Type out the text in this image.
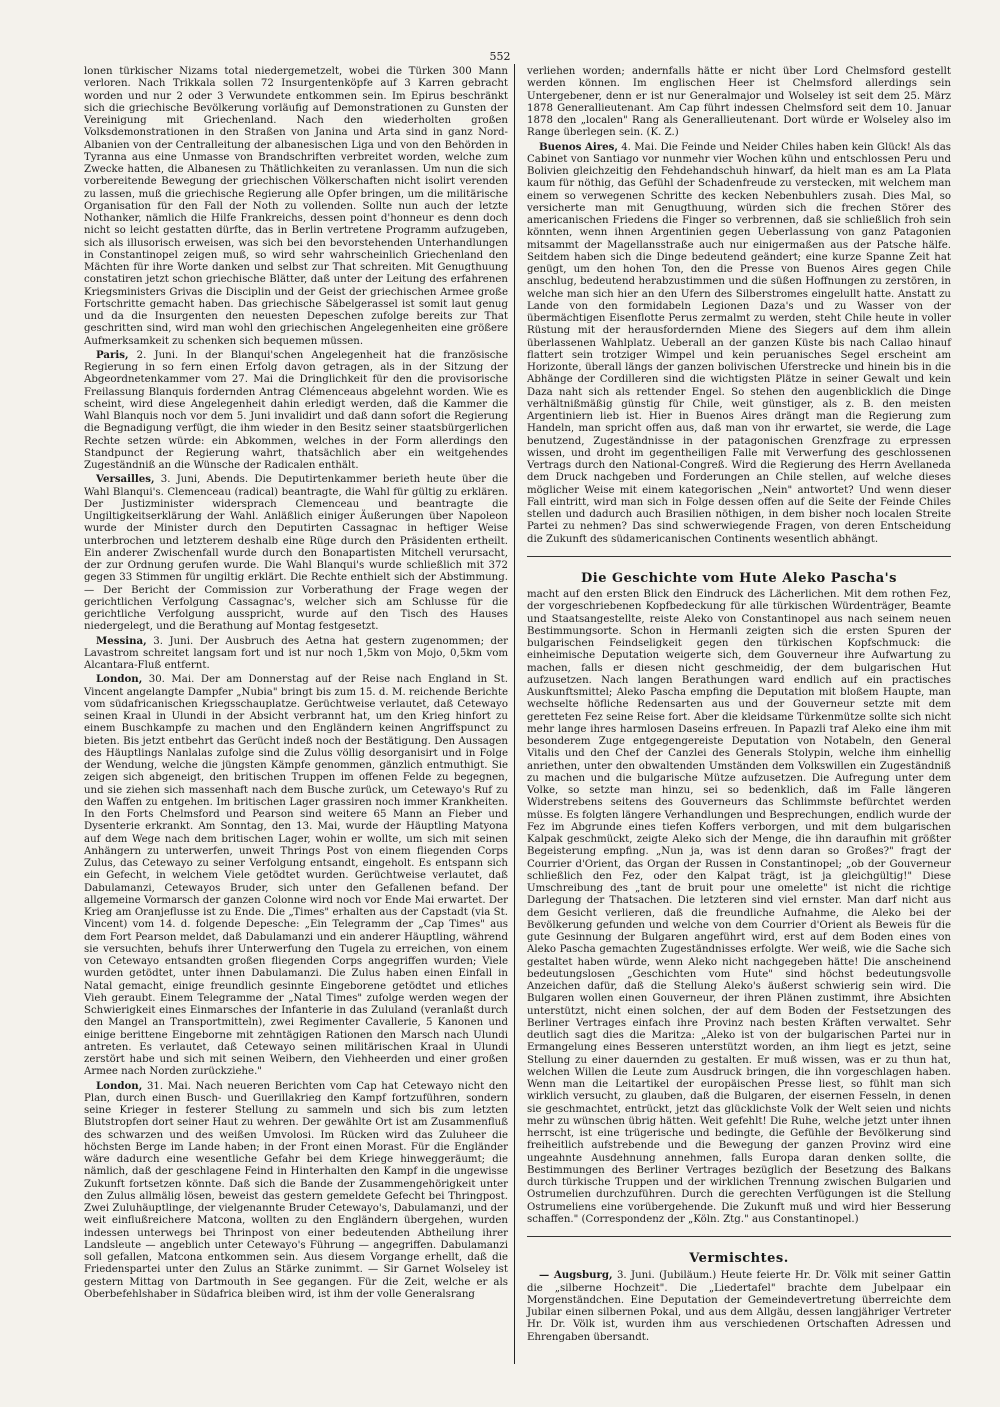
552

lonen türkischer Nizams total niedergemetzelt, wobei die Türken 300 Mann verloren. Nach Trikkala sollen 72 Insurgentenköpfe auf 3 Karren gebracht worden und nur 2 oder 3 Verwundete entkommen sein. Im Epirus beschränkt sich die griechische Bevölkerung vorläufig auf Demonstrationen zu Gunsten der Vereinigung mit Griechenland. Nach den wiederholten großen Volksdemonstrationen in den Straßen von Janina und Arta sind in ganz Nord-Albanien von der Centralleitung der albanesischen Liga und von den Behörden in Tyranna aus eine Unmasse von Brandschriften verbreitet worden, welche zum Zwecke hatten, die Albanesen zu Thätlichkeiten zu veranlassen. Um nun die sich vorbereitende Bewegung der griechischen Völkerschaften nicht isolirt verenden zu lassen, muß die griechische Regierung alle Opfer bringen, um die militärische Organisation für den Fall der Noth zu vollenden. Sollte nun auch der letzte Nothanker, nämlich die Hilfe Frankreichs, dessen point d'honneur es denn doch nicht so leicht gestatten dürfte, das in Berlin vertretene Programm aufzugeben, sich als illusorisch erweisen, was sich bei den bevorstehenden Unterhandlungen in Constantinopel zeigen muß, so wird sehr wahrscheinlich Griechenland den Mächten für ihre Worte danken und selbst zur That schreiten. Mit Genugthuung constatiren jetzt schon griechische Blätter, daß unter der Leitung des erfahrenen Kriegsministers Grivas die Disciplin und der Geist der griechischen Armee große Fortschritte gemacht haben. Das griechische Säbelgerassel ist somit laut genug und da die Insurgenten den neuesten Depeschen zufolge bereits zur That geschritten sind, wird man wohl den griechischen Angelegenheiten eine größere Aufmerksamkeit zu schenken sich bequemen müssen.

Paris, 2. Juni. In der Blanqui'schen Angelegenheit hat die französische Regierung in so fern einen Erfolg davon getragen, als in der Sitzung der Abgeordnetenkammer vom 27. Mai die Dringlichkeit für den die provisorische Freilassung Blanquis fordernden Antrag Clémenceaus abgelehnt worden. Wie es scheint, wird diese Angelegenheit dahin erledigt werden, daß die Kammer die Wahl Blanquis noch vor dem 5. Juni invalidirt und daß dann sofort die Regierung die Begnadigung verfügt, die ihm wieder in den Besitz seiner staatsbürgerlichen Rechte setzen würde: ein Abkommen, welches in der Form allerdings den Standpunct der Regierung wahrt, thatsächlich aber ein weitgehendes Zugeständniß an die Wünsche der Radicalen enthält.

Versailles, 3. Juni, Abends. Die Deputirtenkammer berieth heute über die Wahl Blanqui's. Clemenceau (radical) beantragte, die Wahl für gültig zu erklären. Der Justizminister widersprach Clemenceau und beantragte die Ungiltigkeitserklärung der Wahl. Anläßlich einiger Äußerungen über Napoleon wurde der Minister durch den Deputirten Cassagnac in heftiger Weise unterbrochen und letzterem deshalb eine Rüge durch den Präsidenten ertheilt. Ein anderer Zwischenfall wurde durch den Bonapartisten Mitchell verursacht, der zur Ordnung gerufen wurde. Die Wahl Blanqui's wurde schließlich mit 372 gegen 33 Stimmen für ungiltig erklärt. Die Rechte enthielt sich der Abstimmung. — Der Bericht der Commission zur Vorberathung der Frage wegen der gerichtlichen Verfolgung Cassagnac's, welcher sich am Schlusse für die gerichtliche Verfolgung ausspricht, wurde auf den Tisch des Hauses niedergelegt, und die Berathung auf Montag festgesetzt.

Messina, 3. Juni. Der Ausbruch des Aetna hat gestern zugenommen; der Lavastrom schreitet langsam fort und ist nur noch 1,5km von Mojo, 0,5km vom Alcantara-Fluß entfernt.

London, 30. Mai. Der am Donnerstag auf der Reise nach England in St. Vincent angelangte Dampfer „Nubia" bringt bis zum 15. d. M. reichende Berichte vom südafricanischen Kriegsschauplatze. Gerüchtweise verlautet, daß Cetewayo seinen Kraal in Ulundi in der Absicht verbrannt hat, um den Krieg hinfort zu einem Buschkampfe zu machen und den Engländern keinen Angriffspunct zu bieten. Bis jetzt entbehrt das Gerücht indeß noch der Bestätigung. Den Aussagen des Häuptlings Nanlalas zufolge sind die Zulus völlig desorganisirt und in Folge der Wendung, welche die jüngsten Kämpfe genommen, gänzlich entmuthigt. Sie zeigen sich abgeneigt, den britischen Truppen im offenen Felde zu begegnen, und sie ziehen sich massenhaft nach dem Busche zurück, um Cetewayo's Ruf zu den Waffen zu entgehen. Im britischen Lager grassiren noch immer Krankheiten. In den Forts Chelmsford und Pearson sind weitere 65 Mann an Fieber und Dysenterie erkrankt. Am Sonntag, den 13. Mai, wurde der Häuptling Matyona auf dem Wege nach dem britischen Lager, wohin er wollte, um sich mit seinen Anhängern zu unterwerfen, unweit Thrings Post von einem fliegenden Corps Zulus, das Cetewayo zu seiner Verfolgung entsandt, eingeholt. Es entspann sich ein Gefecht, in welchem Viele getödtet wurden. Gerüchtweise verlautet, daß Dabulamanzi, Cetewayos Bruder, sich unter den Gefallenen befand. Der allgemeine Vormarsch der ganzen Colonne wird noch vor Ende Mai erwartet. Der Krieg am Oranjeflusse ist zu Ende. Die „Times" erhalten aus der Capstadt (via St. Vincent) vom 14. d. folgende Depesche: „Ein Telegramm der „Cap Times" aus dem Fort Pearson meldet, daß Dabulamanzi und ein anderer Häuptling, während sie versuchten, behufs ihrer Unterwerfung den Tugela zu erreichen, von einem von Cetewayo entsandten großen fliegenden Corps angegriffen wurden; Viele wurden getödtet, unter ihnen Dabulamanzi. Die Zulus haben einen Einfall in Natal gemacht, einige freundlich gesinnte Eingeborene getödtet und etliches Vieh geraubt. Einem Telegramme der „Natal Times" zufolge werden wegen der Schwierigkeit eines Einmarsches der Infanterie in das Zululand (veranlaßt durch den Mangel an Transportmitteln), zwei Regimenter Cavallerie, 5 Kanonen und einige berittene Eingeborne mit zehntägigen Rationen den Marsch nach Ulundi antreten. Es verlautet, daß Cetewayo seinen militärischen Kraal in Ulundi zerstört habe und sich mit seinen Weibern, den Viehheerden und einer großen Armee nach Norden zurückziehe."

London, 31. Mai. Nach neueren Berichten vom Cap hat Cetewayo nicht den Plan, durch einen Busch- und Guerillakrieg den Kampf fortzuführen, sondern seine Krieger in festerer Stellung zu sammeln und sich bis zum letzten Blutstropfen dort seiner Haut zu wehren. Der gewählte Ort ist am Zusammenfluß des schwarzen und des weißen Umvolosi. Im Rücken wird das Zuluheer die höchsten Berge im Lande haben; in der Front einen Morast. Für die Engländer wäre dadurch eine wesentliche Gefahr bei dem Kriege hinweggeräumt; die nämlich, daß der geschlagene Feind in Hinterhalten den Kampf in die ungewisse Zukunft fortsetzen könnte. Daß sich die Bande der Zusammengehörigkeit unter den Zulus allmälig lösen, beweist das gestern gemeldete Gefecht bei Thringpost. Zwei Zuluhäuptlinge, der vielgenannte Bruder Cetewayo's, Dabulamanzi, und der weit einflußreichere Matcona, wollten zu den Engländern übergehen, wurden indessen unterwegs bei Thrinpost von einer bedeutenden Abtheilung ihrer Landsleute — angeblich unter Cetewayo's Führung — angegriffen. Dabulamanzi soll gefallen, Matcona entkommen sein. Aus diesem Vorgange erhellt, daß die Friedenspartei unter den Zulus an Stärke zunimmt. — Sir Garnet Wolseley ist gestern Mittag von Dartmouth in See gegangen. Für die Zeit, welche er als Oberbefehlshaber in Südafrica bleiben wird, ist ihm der volle Generalsrang

verliehen worden; andernfalls hätte er nicht über Lord Chelmsford gestellt werden können. Im englischen Heer ist Chelmsford allerdings sein Untergebener, denn er ist nur Generalmajor und Wolseley ist seit dem 25. März 1878 Generallieutenant. Am Cap führt indessen Chelmsford seit dem 10. Januar 1878 den „localen" Rang als Generallieutenant. Dort würde er Wolseley also im Range überlegen sein. (K. Z.)

Buenos Aires, 4. Mai. Die Feinde und Neider Chiles haben kein Glück! Als das Cabinet von Santiago vor nunmehr vier Wochen kühn und entschlossen Peru und Bolivien gleichzeitig den Fehdehandschuh hinwarf, da hielt man es am La Plata kaum für nöthig, das Gefühl der Schadenfreude zu verstecken, mit welchem man einem so verwegenen Schritte des kecken Nebenbuhlers zusah. Dies Mal, so versicherte man mit Genugthuung, würden sich die frechen Störer des americanischen Friedens die Finger so verbrennen, daß sie schließlich froh sein könnten, wenn ihnen Argentinien gegen Ueberlassung von ganz Patagonien mitsammt der Magellansstraße auch nur einigermaßen aus der Patsche hälfe. Seitdem haben sich die Dinge bedeutend geändert; eine kurze Spanne Zeit hat genügt, um den hohen Ton, den die Presse von Buenos Aires gegen Chile anschlug, bedeutend herabzustimmen und die süßen Hoffnungen zu zerstören, in welche man sich hier an den Ufern des Silberstromes eingelullt hatte. Anstatt zu Lande von den formidabeln Legionen Daza's und zu Wasser von der übermächtigen Eisenflotte Perus zermalmt zu werden, steht Chile heute in voller Rüstung mit der herausfordernden Miene des Siegers auf dem ihm allein überlassenen Wahlplatz. Ueberall an der ganzen Küste bis nach Callao hinauf flattert sein trotziger Wimpel und kein peruanisches Segel erscheint am Horizonte, überall längs der ganzen bolivischen Uferstrecke und hinein bis in die Abhänge der Cordilleren sind die wichtigsten Plätze in seiner Gewalt und kein Daza naht sich als rettender Engel. So stehen den augenblicklich die Dinge verhältnißmäßig günstig für Chile, weit günstiger, als z. B. den meisten Argentiniern lieb ist. Hier in Buenos Aires drängt man die Regierung zum Handeln, man spricht offen aus, daß man von ihr erwartet, sie werde, die Lage benutzend, Zugeständnisse in der patagonischen Grenzfrage zu erpressen wissen, und droht im gegentheiligen Falle mit Verwerfung des geschlossenen Vertrags durch den National-Congreß. Wird die Regierung des Herrn Avellaneda dem Druck nachgeben und Forderungen an Chile stellen, auf welche dieses möglicher Weise mit einem kategorischen „Nein" antwortet? Und wenn dieser Fall eintritt, wird man sich in Folge dessen offen auf die Seite der Feinde Chiles stellen und dadurch auch Brasilien nöthigen, in dem bisher noch localen Streite Partei zu nehmen? Das sind schwerwiegende Fragen, von deren Entscheidung die Zukunft des südamericanischen Continents wesentlich abhängt.

Die Geschichte vom Hute Aleko Pascha's

macht auf den ersten Blick den Eindruck des Lächerlichen. Mit dem rothen Fez, der vorgeschriebenen Kopfbedeckung für alle türkischen Würdenträger, Beamte und Staatsangestellte, reiste Aleko von Constantinopel aus nach seinem neuen Bestimmungsorte. Schon in Hermanli zeigten sich die ersten Spuren der bulgarischen Feindseligkeit gegen den türkischen Kopfschmuck: die einheimische Deputation weigerte sich, dem Gouverneur ihre Aufwartung zu machen, falls er diesen nicht geschmeidig, der dem bulgarischen Hut aufzusetzen. Nach langen Berathungen ward endlich auf ein practisches Auskunftsmittel; Aleko Pascha empfing die Deputation mit bloßem Haupte, man wechselte höfliche Redensarten aus und der Gouverneur setzte mit dem geretteten Fez seine Reise fort. Aber die kleidsame Türkenmütze sollte sich nicht mehr lange ihres harmlosen Daseins erfreuen. In Papazli traf Aleko eine ihm mit besonderem Zuge entgegengereiste Deputation von Notabeln, den General Vitalis und den Chef der Canzlei des Generals Stolypin, welche ihm einhellig anriethen, unter den obwaltenden Umständen dem Volkswillen ein Zugeständniß zu machen und die bulgarische Mütze aufzusetzen. Die Aufregung unter dem Volke, so setzte man hinzu, sei so bedenklich, daß im Falle längeren Widerstrebens seitens des Gouverneurs das Schlimmste befürchtet werden müsse. Es folgten längere Verhandlungen und Besprechungen, endlich wurde der Fez im Abgrunde eines tiefen Koffers verborgen, und mit dem bulgarischen Kalpak geschmückt, zeigte Aleko sich der Menge, die ihn daraufhin mit größter Begeisterung empfing. „Nun ja, was ist denn daran so Großes?" fragt der Courrier d'Orient, das Organ der Russen in Constantinopel; „ob der Gouverneur schließlich den Fez, oder den Kalpat trägt, ist ja gleichgültig!" Diese Umschreibung des „tant de bruit pour une omelette" ist nicht die richtige Darlegung der Thatsachen. Die letzteren sind viel ernster. Man darf nicht aus dem Gesicht verlieren, daß die freundliche Aufnahme, die Aleko bei der Bevölkerung gefunden und welche von dem Courrier d'Orient als Beweis für die gute Gesinnung der Bulgaren angeführt wird, erst auf dem Boden eines von Aleko Pascha gemachten Zugeständnisses erfolgte. Wer weiß, wie die Sache sich gestaltet haben würde, wenn Aleko nicht nachgegeben hätte! Die anscheinend bedeutungslosen „Geschichten vom Hute" sind höchst bedeutungsvolle Anzeichen dafür, daß die Stellung Aleko's äußerst schwierig sein wird. Die Bulgaren wollen einen Gouverneur, der ihren Plänen zustimmt, ihre Absichten unterstützt, nicht einen solchen, der auf dem Boden der Festsetzungen des Berliner Vertrages einfach ihre Provinz nach besten Kräften verwaltet. Sehr deutlich sagt dies die Maritza: „Aleko ist von der bulgarischen Partei nur in Ermangelung eines Besseren unterstützt worden, an ihm liegt es jetzt, seine Stellung zu einer dauernden zu gestalten. Er muß wissen, was er zu thun hat, welchen Willen die Leute zum Ausdruck bringen, die ihn vorgeschlagen haben. Wenn man die Leitartikel der europäischen Presse liest, so fühlt man sich wirklich versucht, zu glauben, daß die Bulgaren, der eisernen Fesseln, in denen sie geschmachtet, entrückt, jetzt das glücklichste Volk der Welt seien und nichts mehr zu wünschen übrig hätten. Weit gefehlt! Die Ruhe, welche jetzt unter ihnen herrscht, ist eine trügerische und bedingte, die Gefühle der Bevölkerung sind freiheitlich aufstrebende und die Bewegung der ganzen Provinz wird eine ungeahnte Ausdehnung annehmen, falls Europa daran denken sollte, die Bestimmungen des Berliner Vertrages bezüglich der Besetzung des Balkans durch türkische Truppen und der wirklichen Trennung zwischen Bulgarien und Ostrumelien durchzuführen. Durch die gerechten Verfügungen ist die Stellung Ostrumeliens eine vorübergehende. Die Zukunft muß und wird hier Besserung schaffen." (Correspondenz der „Köln. Ztg." aus Constantinopel.)

Vermischtes.

— Augsburg, 3. Juni. (Jubiläum.) Heute feierte Hr. Dr. Völk mit seiner Gattin die „silberne Hochzeit". Die „Liedertafel" brachte dem Jubelpaar ein Morgenständchen. Eine Deputation der Gemeindevertretung überreichte dem Jubilar einen silbernen Pokal, und aus dem Allgäu, dessen langjähriger Vertreter Hr. Dr. Völk ist, wurden ihm aus verschiedenen Ortschaften Adressen und Ehrengaben übersandt.
